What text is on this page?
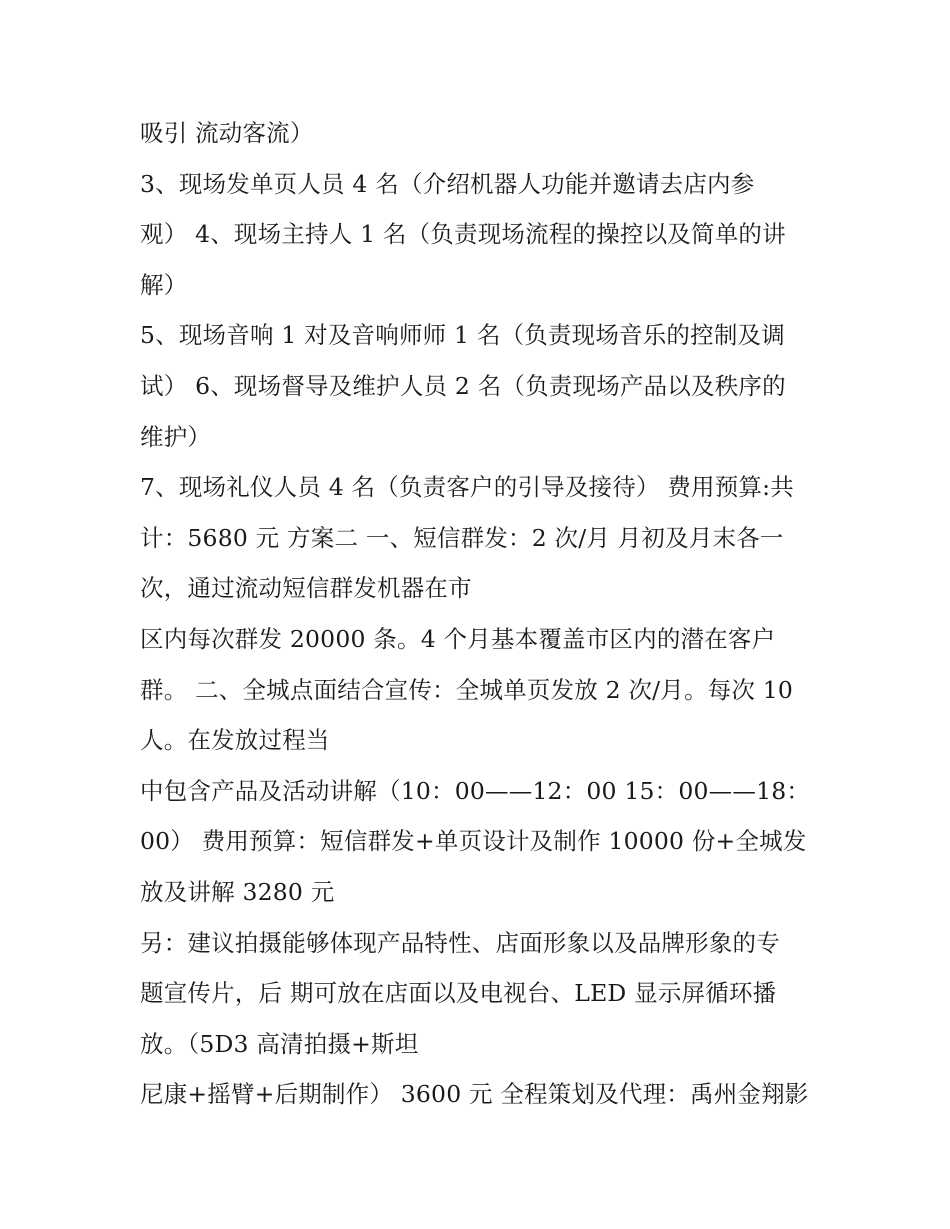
吸引 流动客流）
3、现场发单页人员 4 名（介绍机器人功能并邀请去店内参
观） 4、现场主持人 1 名（负责现场流程的操控以及简单的讲
解）
5、现场音响 1 对及音响师师 1 名（负责现场音乐的控制及调
试） 6、现场督导及维护人员 2 名（负责现场产品以及秩序的
维护）
7、现场礼仪人员 4 名（负责客户的引导及接待） 费用预算:共
计：5680 元 方案二 一、短信群发：2 次/月 月初及月末各一
次，通过流动短信群发机器在市
区内每次群发 20000 条。4 个月基本覆盖市区内的潜在客户
群。 二、全城点面结合宣传：全城单页发放 2 次/月。每次 10
人。在发放过程当
中包含产品及活动讲解（10：00——12：00 15：00——18：
00） 费用预算：短信群发+单页设计及制作 10000 份+全城发
放及讲解 3280 元
另：建议拍摄能够体现产品特性、店面形象以及品牌形象的专
题宣传片，后 期可放在店面以及电视台、LED 显示屏循环播
放。（5D3 高清拍摄+斯坦
尼康+摇臂+后期制作） 3600 元 全程策划及代理：禹州金翔影
